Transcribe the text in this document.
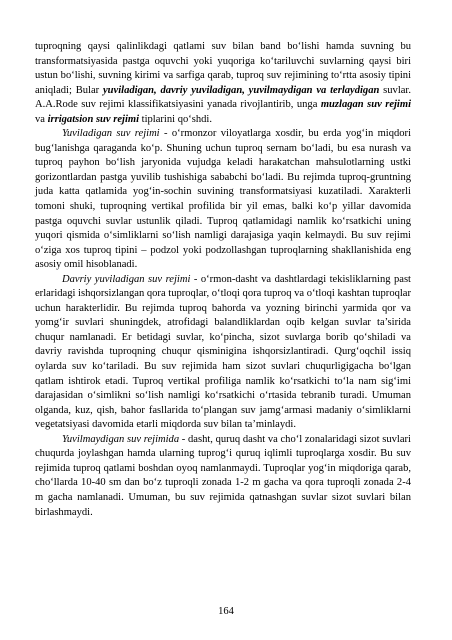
tuproqning qaysi qalinlikdagi qatlami suv bilan band bo‘lishi hamda suvning bu transformatsiyasida pastga oquvchi yoki yuqoriga ko‘tariluvchi suvlarning qaysi biri ustun bo‘lishi, suvning kirimi va sarfiga qarab, tuproq suv rejimining to‘rtta asosiy tipini aniqladi; Bular yuviladigan, davriy yuviladigan, yuvilmaydigan va terlaydigan suvlar. A.A.Rode suv rejimi klassifikatsiyasini yanada rivojlantirib, unga muzlagan suv rejimi va irrigatsion suv rejimi tiplarini qo‘shdi.

Yuviladigan suv rejimi - o‘rmonzor viloyatlarga xosdir, bu erda yog‘in miqdori bug‘lanishga qaraganda ko‘p. Shuning uchun tuproq sernam bo‘ladi, bu esa nurash va tuproq payhon bo‘lish jaryonida vujudga keladi harakatchan mahsulotlarning ustki gorizontlardan pastga yuvilib tushishiga sababchi bo‘ladi. Bu rejimda tuproq-gruntning juda katta qatlamida yog‘in-sochin suvining transformatsiyasi kuzatiladi. Xarakterli tomoni shuki, tuproqning vertikal profilida bir yil emas, balki ko‘p yillar davomida pastga oquvchi suvlar ustunlik qiladi. Tuproq qatlamidagi namlik ko‘rsatkichi uning yuqori qismida o‘simliklarni so‘lish namligi darajasiga yaqin kelmaydi. Bu suv rejimi o‘ziga xos tuproq tipini – podzol yoki podzollashgan tuproqlarning shakllanishida eng asosiy omil hisoblanadi.

Davriy yuviladigan suv rejimi - o‘rmon-dasht va dashtlardagi tekisliklarning past erlaridagi ishqorsizlangan qora tuproqlar, o‘tloqi qora tuproq va o‘tloqi kashtan tuproqlar uchun harakterlidir. Bu rejimda tuproq bahorda va yozning birinchi yarmida qor va yomg‘ir suvlari shuningdek, atrofidagi balandliklardan oqib kelgan suvlar ta’sirida chuqur namlanadi. Er betidagi suvlar, ko‘pincha, sizot suvlarga borib qo‘shiladi va davriy ravishda tuproqning chuqur qisminigina ishqorsizlantiradi. Qurg‘oqchil issiq oylarda suv ko‘tariladi. Bu suv rejimida ham sizot suvlari chuqurligigacha bo‘lgan qatlam ishtirok etadi. Tuproq vertikal profiliga namlik ko‘rsatkichi to‘la nam sig‘imi darajasidan o‘simlikni so‘lish namligi ko‘rsatkichi o‘rtasida tebranib turadi. Umuman olganda, kuz, qish, bahor fasllarida to‘plangan suv jamg‘armasi madaniy o‘simliklarni vegetatsiyasi davomida etarli miqdorda suv bilan ta’minlaydi.

Yuvilmaydigan suv rejimida - dasht, quruq dasht va cho‘l zonalaridagi sizot suvlari chuqurda joylashgan hamda ularning tuprog‘i quruq iqlimli tuproqlarga xosdir. Bu suv rejimida tuproq qatlami boshdan oyoq namlanmaydi. Tuproqlar yog‘in miqdoriga qarab, cho‘llarda 10-40 sm dan bo‘z tuproqli zonada 1-2 m gacha va qora tuproqli zonada 2-4 m gacha namlanadi. Umuman, bu suv rejimida qatnashgan suvlar sizot suvlari bilan birlashmaydi.

164
